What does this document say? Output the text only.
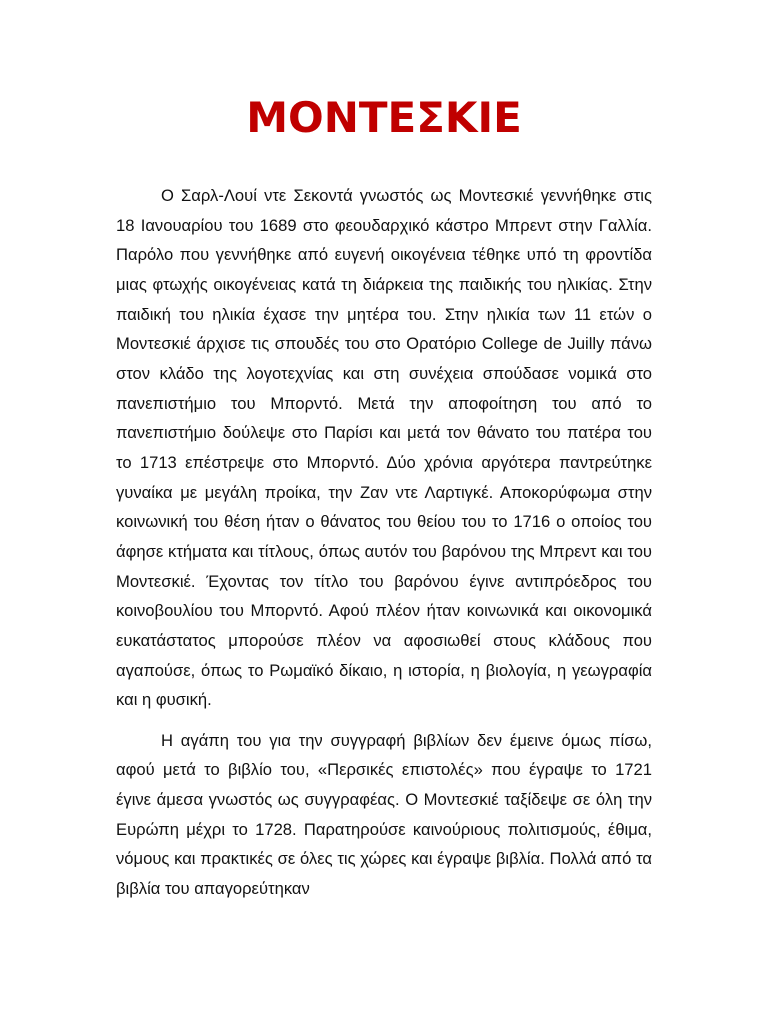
ΜΟΝΤΕΣΚΙΕ

Ο Σαρλ-Λουί ντε Σεκοντά γνωστός ως Μοντεσκιέ γεννήθηκε στις 18 Ιανουαρίου του 1689 στο φεουδαρχικό κάστρο Μπρεντ στην Γαλλία. Παρόλο που γεννήθηκε από ευγενή οικογένεια τέθηκε υπό τη φροντίδα μιας φτωχής οικογένειας κατά τη διάρκεια της παιδικής του ηλικίας. Στην παιδική του ηλικία έχασε την μητέρα του. Στην ηλικία των 11 ετών ο Μοντεσκιέ άρχισε τις σπουδές του στο Ορατόριο College de Juilly πάνω στον κλάδο της λογοτεχνίας και στη συνέχεια σπούδασε νομικά στο πανεπιστήμιο του Μπορντό. Μετά την αποφοίτηση του από το πανεπιστήμιο δούλεψε στο Παρίσι και μετά τον θάνατο του πατέρα του το 1713 επέστρεψε στο Μπορντό. Δύο χρόνια αργότερα παντρεύτηκε γυναίκα με μεγάλη προίκα, την Ζαν ντε Λαρτιγκέ. Αποκορύφωμα στην κοινωνική του θέση ήταν ο θάνατος του θείου του το 1716 ο οποίος του άφησε κτήματα και τίτλους, όπως αυτόν του βαρόνου της Μπρεντ και του Μοντεσκιέ. Έχοντας τον τίτλο του βαρόνου έγινε αντιπρόεδρος του κοινοβουλίου του Μπορντό. Αφού πλέον ήταν κοινωνικά και οικονομικά ευκατάστατος μπορούσε πλέον να αφοσιωθεί στους κλάδους που αγαπούσε, όπως το Ρωμαϊκό δίκαιο, η ιστορία, η βιολογία, η γεωγραφία και η φυσική.

Η αγάπη του για την συγγραφή βιβλίων δεν έμεινε όμως πίσω, αφού μετά το βιβλίο του, «Περσικές επιστολές» που έγραψε το 1721 έγινε άμεσα γνωστός ως συγγραφέας. Ο Μοντεσκιέ ταξίδεψε σε όλη την Ευρώπη μέχρι το 1728. Παρατηρούσε καινούριους πολιτισμούς, έθιμα, νόμους και πρακτικές σε όλες τις χώρες και έγραψε βιβλία. Πολλά από τα βιβλία του απαγορεύτηκαν
